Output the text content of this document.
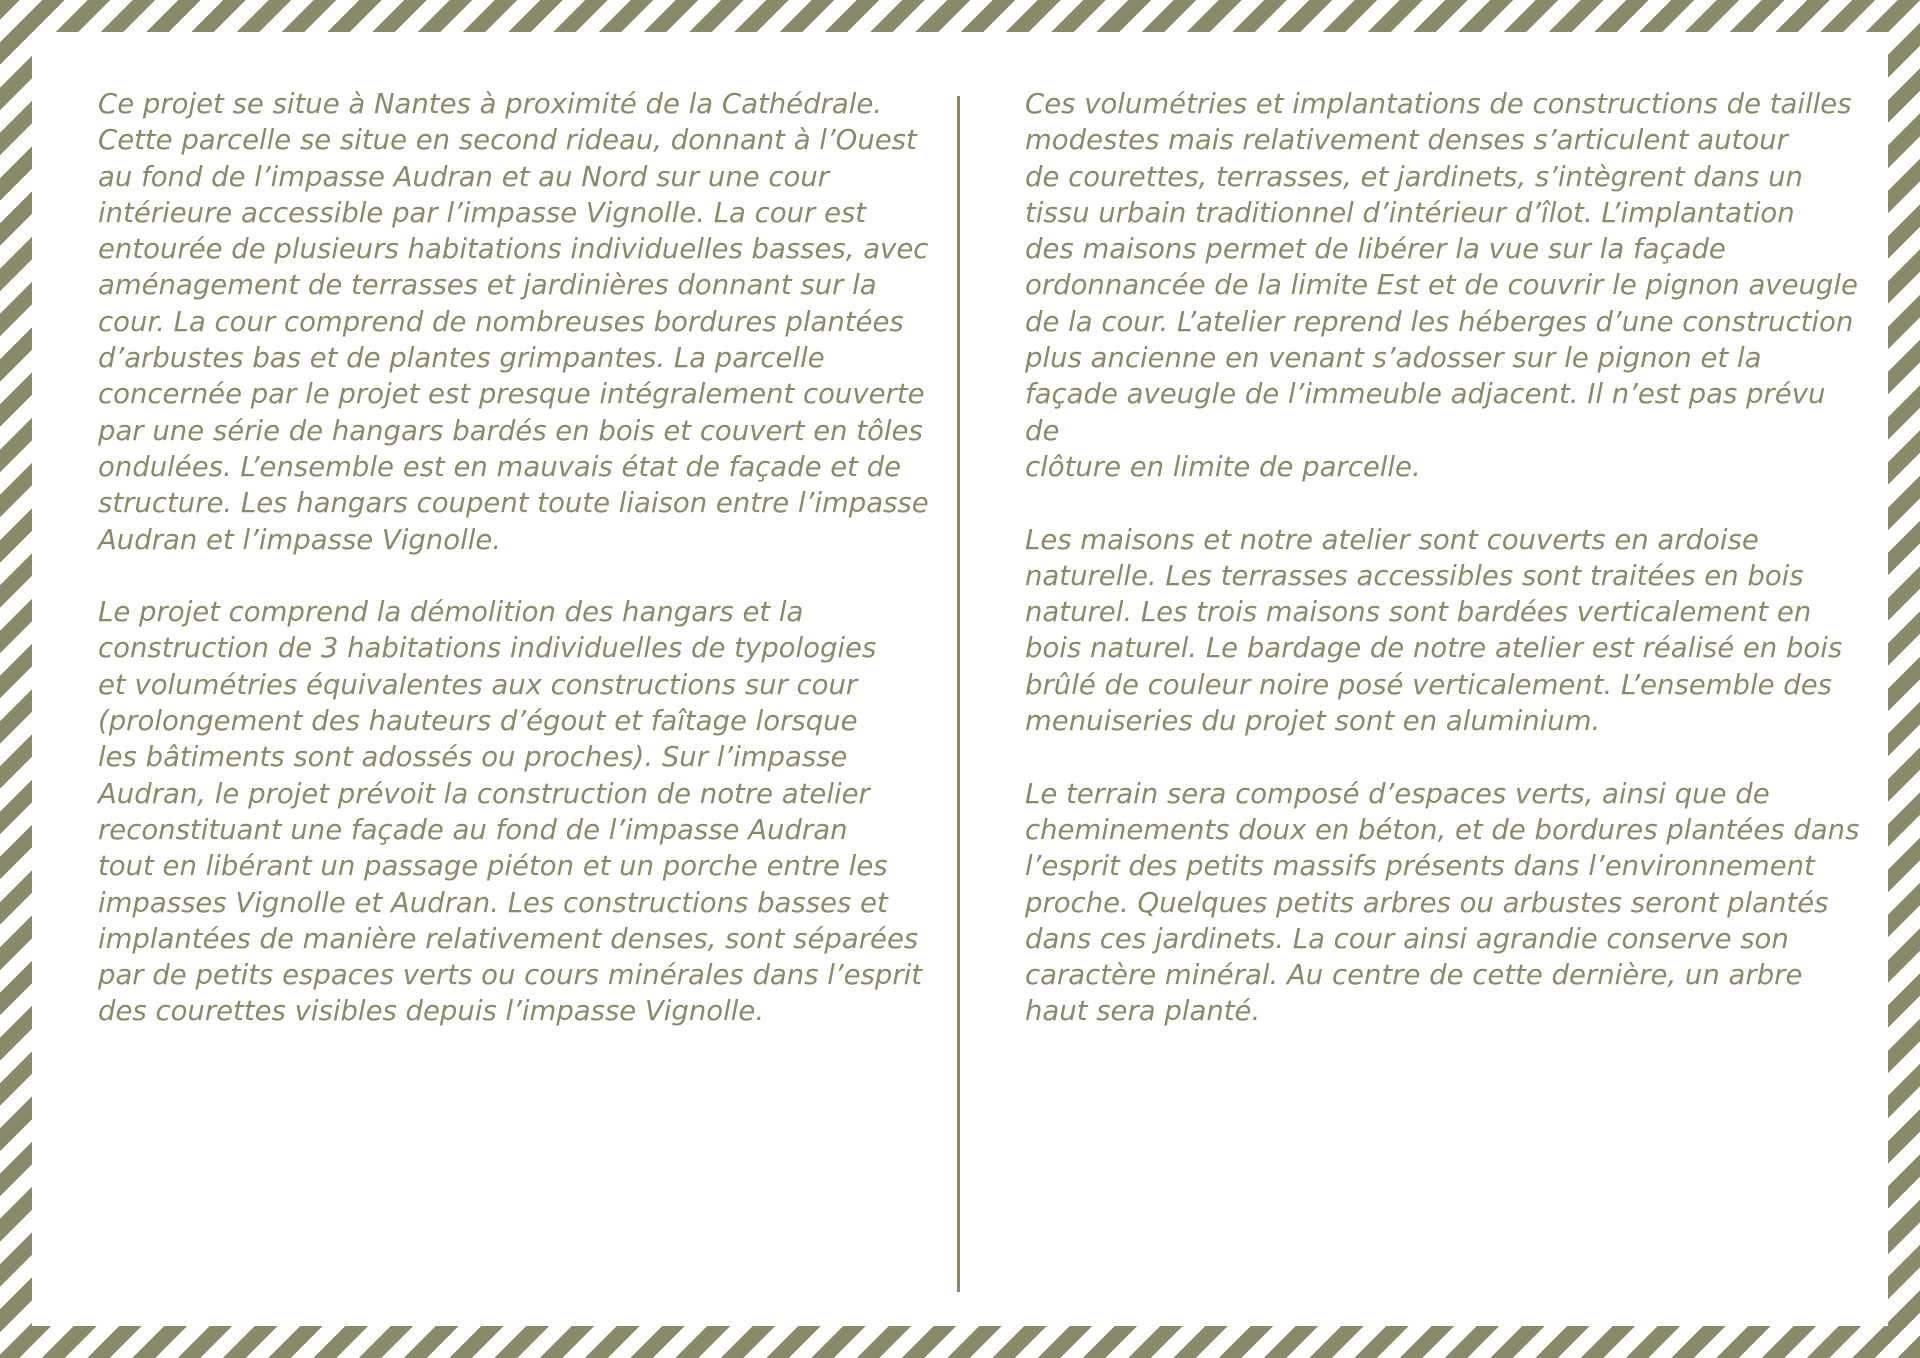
Ce projet se situe à Nantes à proximité de la Cathédrale.
Cette parcelle se situe en second rideau, donnant à l’Ouest
au fond de l’impasse Audran et au Nord sur une cour
intérieure accessible par l’impasse Vignolle. La cour est
entourée de plusieurs habitations individuelles basses, avec
aménagement de terrasses et jardinières donnant sur la
cour. La cour comprend de nombreuses bordures plantées
d’arbustes bas et de plantes grimpantes. La parcelle
concernée par le projet est presque intégralement couverte
par une série de hangars bardés en bois et couvert en tôles
ondulées. L’ensemble est en mauvais état de façade et de
structure. Les hangars coupent toute liaison entre l’impasse
Audran et l’impasse Vignolle.

Le projet comprend la démolition des hangars et la
construction de 3 habitations individuelles de typologies
et volumétries équivalentes aux constructions sur cour
(prolongement des hauteurs d’égout et faîtage lorsque
les bâtiments sont adossés ou proches). Sur l’impasse
Audran, le projet prévoit la construction de notre atelier
reconstituant une façade au fond de l’impasse Audran
tout en libérant un passage piéton et un porche entre les
impasses Vignolle et Audran. Les constructions basses et
implantées de manière relativement denses, sont séparées
par de petits espaces verts ou cours minérales dans l’esprit
des courettes visibles depuis l’impasse Vignolle.

Ces volumétries et implantations de constructions de tailles
modestes mais relativement denses s’articulent autour
de courettes, terrasses, et jardinets, s’intègrent dans un
tissu urbain traditionnel d’intérieur d’îlot. L’implantation
des maisons permet de libérer la vue sur la façade
ordonnancée de la limite Est et de couvrir le pignon aveugle
de la cour. L’atelier reprend les héberges d’une construction
plus ancienne en venant s’adosser sur le pignon et la
façade aveugle de l’immeuble adjacent. Il n’est pas prévu de
clôture en limite de parcelle.

Les maisons et notre atelier sont couverts en ardoise
naturelle. Les terrasses accessibles sont traitées en bois
naturel. Les trois maisons sont bardées verticalement en
bois naturel. Le bardage de notre atelier est réalisé en bois
brûlé de couleur noire posé verticalement. L’ensemble des
menuiseries du projet sont en aluminium.

Le terrain sera composé d’espaces verts, ainsi que de
cheminements doux en béton, et de bordures plantées dans
l’esprit des petits massifs présents dans l’environnement
proche. Quelques petits arbres ou arbustes seront plantés
dans ces jardinets. La cour ainsi agrandie conserve son
caractère minéral. Au centre de cette dernière, un arbre
haut sera planté.
